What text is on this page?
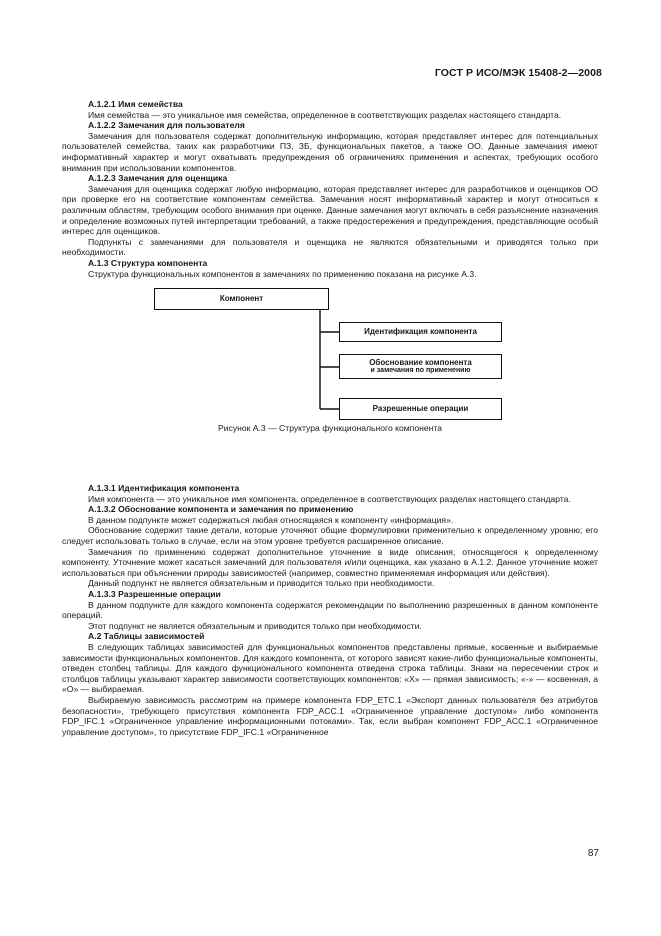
ГОСТ Р ИСО/МЭК 15408-2—2008
А.1.2.1 Имя семейства

Имя семейства — это уникальное имя семейства, определенное в соответствующих разделах настоящего стандарта.

А.1.2.2 Замечания для пользователя

Замечания для пользователя содержат дополнительную информацию, которая представляет интерес для потенциальных пользователей семейства, таких как разработчики ПЗ, ЗБ, функциональных пакетов, а также ОО. Данные замечания имеют информативный характер и могут охватывать предупреждения об ограничениях применения и аспектах, требующих особого внимания при использовании компонентов.

А.1.2.3 Замечания для оценщика

Замечания для оценщика содержат любую информацию, которая представляет интерес для разработчиков и оценщиков ОО при проверке его на соответствие компонентам семейства. Замечания носят информативный характер и могут относиться к различным областям, требующим особого внимания при оценке. Данные замечания могут включать в себя разъяснение назначения и определение возможных путей интерпретации требований, а также предостережения и предупреждения, представляющие особый интерес для оценщиков.

Подпункты с замечаниями для пользователя и оценщика не являются обязательными и приводятся только при необходимости.

А.1.3 Структура компонента

Структура функциональных компонентов в замечаниях по применению показана на рисунке А.3.

Компонент
Идентификация компонента
Обоснование компонента
и замечания по применению
Разрешенные операции
Рисунок А.3 — Структура функционального компонента
А.1.3.1 Идентификация компонента

Имя компонента — это уникальное имя компонента, определенное в соответствующих разделах настоящего стандарта.

А.1.3.2 Обоснование компонента и замечания по применению

В данном подпункте может содержаться любая относящаяся к компоненту «информация».

Обоснование содержит такие детали, которые уточняют общие формулировки применительно к определенному уровню; его следует использовать только в случае, если на этом уровне требуется расширенное описание.

Замечания по применению содержат дополнительное уточнение в виде описания, относящегося к определенному компоненту. Уточнение может касаться замечаний для пользователя и/или оценщика, как указано в А.1.2. Данное уточнение может использоваться при объяснении природы зависимостей (например, совместно применяемая информация или действия).

Данный подпункт не является обязательным и приводится только при необходимости.

А.1.3.3 Разрешенные операции

В данном подпункте для каждого компонента содержатся рекомендации по выполнению разрешенных в данном компоненте операций.

Этот подпункт не является обязательным и приводится только при необходимости.

А.2 Таблицы зависимостей

В следующих таблицах зависимостей для функциональных компонентов представлены прямые, косвенные и выбираемые зависимости функциональных компонентов. Для каждого компонента, от которого зависят какие-либо функциональные компоненты, отведен столбец таблицы. Для каждого функционального компонента отведена строка таблицы. Знаки на пересечении строк и столбцов таблицы указывают характер зависимости соответствующих компонентов: «Х» — прямая зависимость; «-» — косвенная, а «О» — выбираемая.

Выбираемую зависимость рассмотрим на примере компонента FDP_ETC.1 «Экспорт данных пользователя без атрибутов безопасности», требующего присутствия компонента FDP_ACC.1 «Ограниченное управление доступом» либо компонента FDP_IFC.1 «Ограниченное управление информационными потоками». Так, если выбран компонент FDP_ACC.1 «Ограниченное управление доступом», то присутствие FDP_IFC.1 «Ограниченное

87
